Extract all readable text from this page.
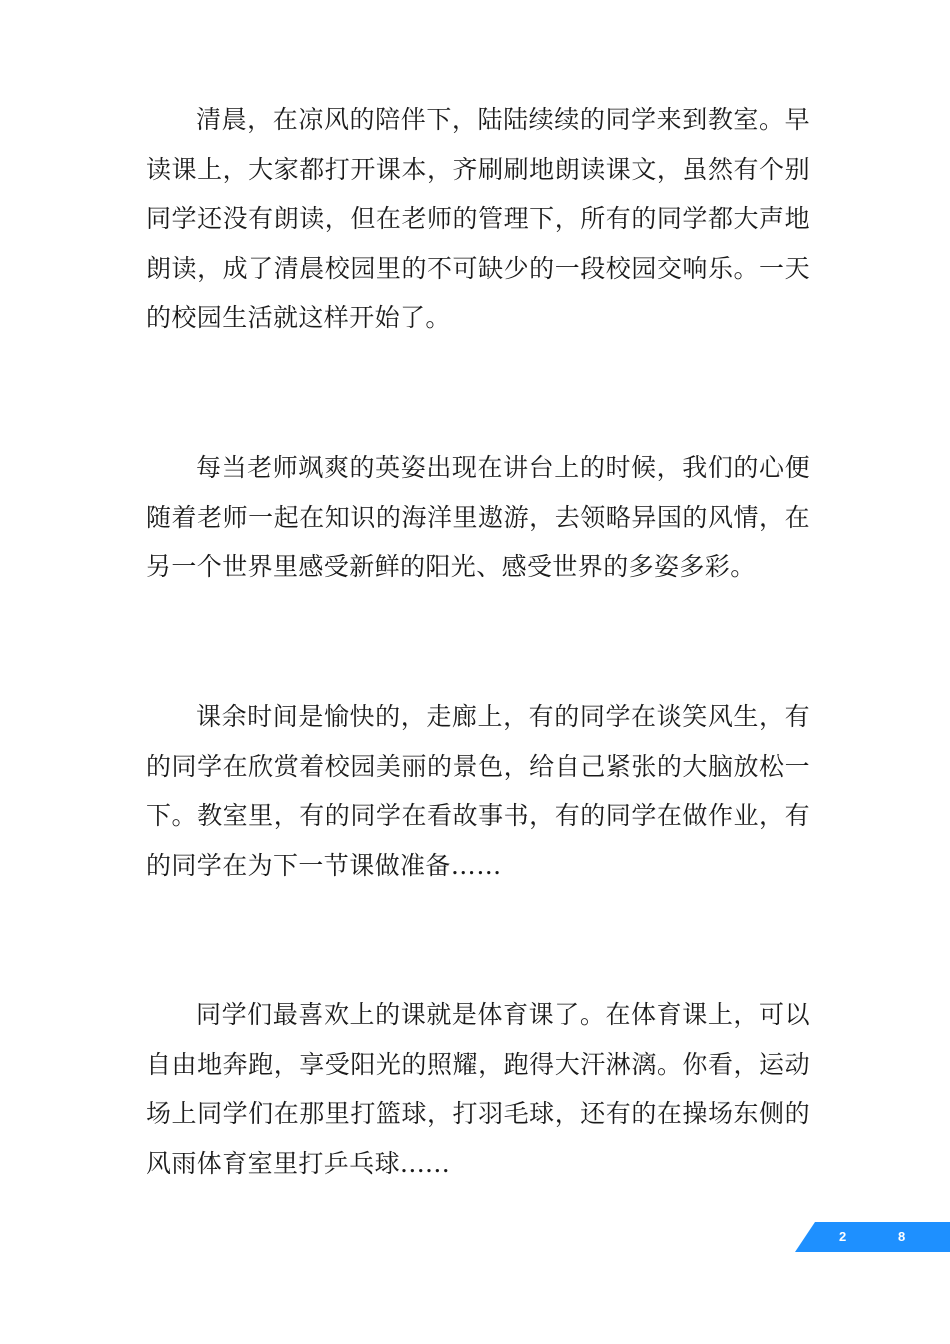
清晨，在凉风的陪伴下，陆陆续续的同学来到教室。早读课上，大家都打开课本，齐刷刷地朗读课文，虽然有个别同学还没有朗读，但在老师的管理下，所有的同学都大声地朗读，成了清晨校园里的不可缺少的一段校园交响乐。一天的校园生活就这样开始了。

每当老师飒爽的英姿出现在讲台上的时候，我们的心便随着老师一起在知识的海洋里遨游，去领略异国的风情，在另一个世界里感受新鲜的阳光、感受世界的多姿多彩。

课余时间是愉快的，走廊上，有的同学在谈笑风生，有的同学在欣赏着校园美丽的景色，给自己紧张的大脑放松一下。教室里，有的同学在看故事书，有的同学在做作业，有的同学在为下一节课做准备……

同学们最喜欢上的课就是体育课了。在体育课上，可以自由地奔跑，享受阳光的照耀，跑得大汗淋漓。你看，运动场上同学们在那里打篮球，打羽毛球，还有的在操场东侧的风雨体育室里打乒乓球......

2	8
